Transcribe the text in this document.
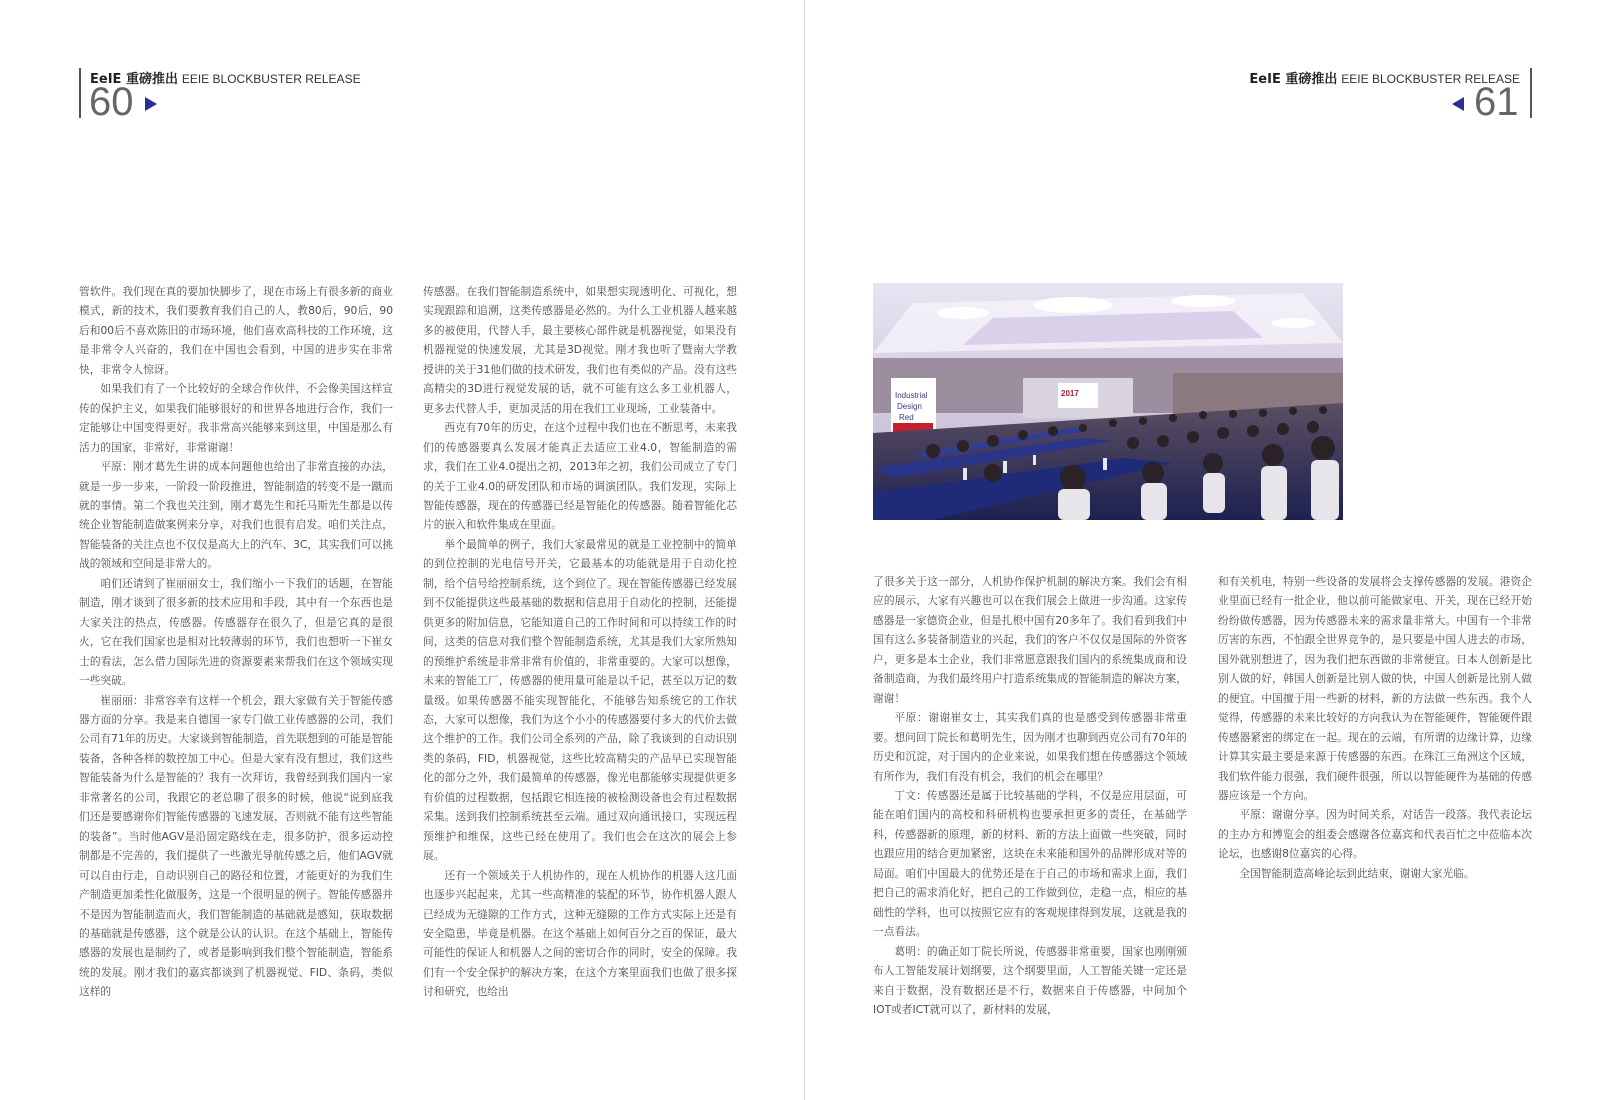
EeIE 重磅推出 EEIE BLOCKBUSTER RELEASE
60
EeIE 重磅推出 EEIE BLOCKBUSTER RELEASE
61

管软件。我们现在真的要加快脚步了，现在市场上有很多新的商业模式，新的技术，我们要教育我们自己的人，教80后，90后，90后和00后不喜欢陈旧的市场环境，他们喜欢高科技的工作环境，这是非常令人兴奋的，我们在中国也会看到，中国的进步实在非常快，非常令人惊讶。

如果我们有了一个比较好的全球合作伙伴，不会像美国这样宣传的保护主义，如果我们能够很好的和世界各地进行合作，我们一定能够让中国变得更好。我非常高兴能够来到这里，中国是那么有活力的国家，非常好，非常谢谢！

平原：刚才葛先生讲的成本问题他也给出了非常直接的办法，就是一步一步来，一阶段一阶段推进，智能制造的转变不是一蹴而就的事情。第二个我也关注到，刚才葛先生和托马斯先生都是以传统企业智能制造做案例来分享，对我们也很有启发。咱们关注点，智能装备的关注点也不仅仅是高大上的汽车、3C，其实我们可以挑战的领域和空间是非常大的。

咱们还请到了崔丽丽女士，我们缩小一下我们的话题，在智能制造，刚才谈到了很多新的技术应用和手段，其中有一个东西也是大家关注的热点，传感器。传感器存在很久了，但是它真的是很火，它在我们国家也是相对比较薄弱的环节，我们也想听一下崔女士的看法，怎么借力国际先进的资源要素来帮我们在这个领域实现一些突破。

崔丽丽：非常容幸有这样一个机会，跟大家做有关于智能传感器方面的分享。我是来自德国一家专门做工业传感器的公司，我们公司有71年的历史。大家谈到智能制造，首先联想到的可能是智能装备，各种各样的数控加工中心。但是大家有没有想过，我们这些智能装备为什么是智能的？我有一次拜访，我曾经到我们国内一家非常著名的公司，我跟它的老总聊了很多的时候，他说“说到底我们还是要感谢你们智能传感器的飞速发展，否则就不能有这些智能的装备”。当时他AGV是沿固定路线在走，很多防护，很多运动控制都是不完善的，我们提供了一些激光导航传感之后，他们AGV就可以自由行走，自动识别自己的路径和位置，才能更好的为我们生产制造更加柔性化做服务，这是一个很明显的例子。智能传感器并不是因为智能制造而火，我们智能制造的基础就是感知，获取数据的基础就是传感器，这个就是公认的认识。在这个基础上，智能传感器的发展也是制约了，或者是影响到我们整个智能制造，智能系统的发展。刚才我们的嘉宾都谈到了机器视觉、FID、条码，类似这样的

传感器。在我们智能制造系统中，如果想实现透明化、可视化，想实现跟踪和追溯，这类传感器是必然的。为什么工业机器人越来越多的被使用，代替人手，最主要核心部件就是机器视觉，如果没有机器视觉的快速发展，尤其是3D视觉。刚才我也听了暨南大学教授讲的关于31他们做的技术研发，我们也有类似的产品。没有这些高精尖的3D进行视觉发展的话，就不可能有这么多工业机器人，更多去代替人手，更加灵活的用在我们工业现场，工业装备中。

西克有70年的历史，在这个过程中我们也在不断思考，未来我们的传感器要真么发展才能真正去适应工业4.0，智能制造的需求，我们在工业4.0提出之初，2013年之初，我们公司成立了专门的关于工业4.0的研发团队和市场的调演团队。我们发现，实际上智能传感器，现在的传感器已经是智能化的传感器。随着智能化芯片的嵌入和软件集成在里面。

举个最简单的例子，我们大家最常见的就是工业控制中的简单的到位控制的光电信号开关，它最基本的功能就是用于自动化控制，给个信号给控制系统，这个到位了。现在智能传感器已经发展到不仅能提供这些最基础的数据和信息用于自动化的控制，还能提供更多的附加信息，它能知道自己的工作时间和可以持续工作的时间，这类的信息对我们整个智能制造系统，尤其是我们大家所熟知的预维护系统是非常非常有价值的，非常重要的。大家可以想像，未来的智能工厂，传感器的使用量可能是以千记，甚至以万记的数量级。如果传感器不能实现智能化，不能够告知系统它的工作状态，大家可以想像，我们为这个小小的传感器要付多大的代价去做这个维护的工作。我们公司全系列的产品，除了我谈到的自动识别类的条码，FID，机器视觉，这些比较高精尖的产品早已实现智能化的部分之外，我们最简单的传感器，像光电都能够实现提供更多有价值的过程数据，包括跟它相连接的被检测设备也会有过程数据采集。送到我们控制系统甚至云端。通过双向通讯接口，实现远程预维护和维保，这些已经在使用了。我们也会在这次的展会上参展。

还有一个领域关于人机协作的，现在人机协作的机器人这几面也逐步兴起起来，尤其一些高精准的装配的环节，协作机器人跟人已经成为无缝隙的工作方式，这种无缝隙的工作方式实际上还是有安全隐患，毕竟是机器。在这个基础上如何百分之百的保证，最大可能性的保证人和机器人之间的密切合作的同时，安全的保障。我们有一个安全保护的解决方案，在这个方案里面我们也做了很多探讨和研究，也给出

了很多关于这一部分，人机协作保护机制的解决方案。我们会有相应的展示，大家有兴趣也可以在我们展会上做进一步沟通。这家传感器是一家德资企业，但是扎根中国有20多年了。我们看到我们中国有这么多装备制造业的兴起，我们的客户不仅仅是国际的外资客户，更多是本土企业，我们非常愿意跟我们国内的系统集成商和设备制造商，为我们最终用户打造系统集成的智能制造的解决方案，谢谢！

平原：谢谢崔女士，其实我们真的也是感受到传感器非常重要。想问回丁院长和葛明先生，因为刚才也聊到西克公司有70年的历史和沉淀，对于国内的企业来说，如果我们想在传感器这个领域有所作为，我们有没有机会，我们的机会在哪里？

丁文：传感器还是属于比较基础的学科，不仅是应用层面，可能在咱们国内的高校和科研机构也要承担更多的责任，在基础学科，传感器新的原理，新的材料、新的方法上面做一些突破，同时也跟应用的结合更加紧密，这块在未来能和国外的品牌形成对等的局面。咱们中国最大的优势还是在于自己的市场和需求上面，我们把自己的需求消化好，把自己的工作做到位，走稳一点，相应的基础性的学科，也可以按照它应有的客观规律得到发展，这就是我的一点看法。

葛明：的确正如丁院长所说，传感器非常重要，国家也刚刚颁布人工智能发展计划纲要，这个纲要里面，人工智能关键一定还是来自于数据，没有数据还是不行，数据来自于传感器，中间加个IOT或者ICT就可以了，新材料的发展，

和有关机电，特别一些设备的发展将会支撑传感器的发展。港资企业里面已经有一批企业，他以前可能做家电、开关，现在已经开始纷纷做传感器，因为传感器未来的需求量非常大。中国有一个非常厉害的东西，不怕跟全世界竞争的，是只要是中国人进去的市场，国外就别想进了，因为我们把东西做的非常便宜。日本人创新是比别人做的好，韩国人创新是比别人做的快，中国人创新是比别人做的便宜。中国擅于用一些新的材料，新的方法做一些东西。我个人觉得，传感器的未来比较好的方向我认为在智能硬件，智能硬件跟传感器紧密的绑定在一起。现在的云端，有所谓的边缘计算，边缘计算其实最主要是来源于传感器的东西。在珠江三角洲这个区域，我们软件能力很强，我们硬件很强，所以以智能硬件为基础的传感器应该是一个方向。

平原：谢谢分享。因为时间关系，对话告一段落。我代表论坛的主办方和博览会的组委会感谢各位嘉宾和代表百忙之中莅临本次论坛，也感谢8位嘉宾的心得。

全国智能制造高峰论坛到此结束，谢谢大家光临。

Industrial
Design
Red
2017
